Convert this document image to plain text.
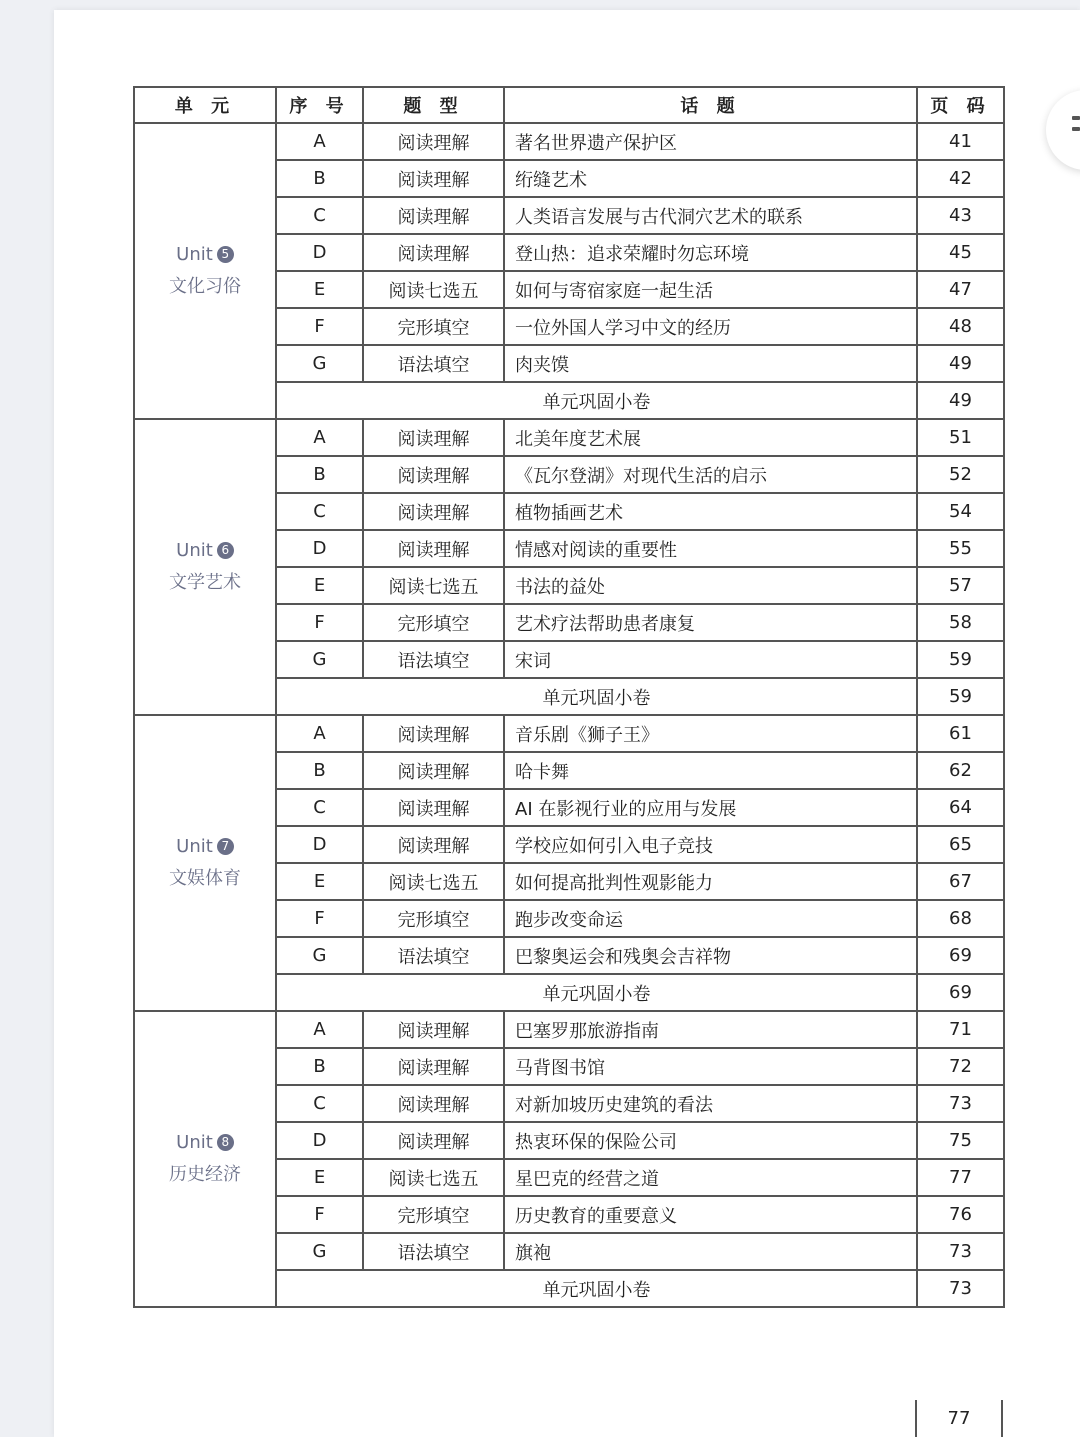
单 元	序 号	题 型	话 题	页 码

Unit 5
文化习俗	A	阅读理解	著名世界遗产保护区	41
	B	阅读理解	绗缝艺术	42
	C	阅读理解	人类语言发展与古代洞穴艺术的联系	43
	D	阅读理解	登山热：追求荣耀时勿忘环境	45
	E	阅读七选五	如何与寄宿家庭一起生活	47
	F	完形填空	一位外国人学习中文的经历	48
	G	语法填空	肉夹馍	49
	单元巩固小卷			49

Unit 6
文学艺术	A	阅读理解	北美年度艺术展	51
	B	阅读理解	《瓦尔登湖》对现代生活的启示	52
	C	阅读理解	植物插画艺术	54
	D	阅读理解	情感对阅读的重要性	55
	E	阅读七选五	书法的益处	57
	F	完形填空	艺术疗法帮助患者康复	58
	G	语法填空	宋词	59
	单元巩固小卷			59

Unit 7
文娱体育	A	阅读理解	音乐剧《狮子王》	61
	B	阅读理解	哈卡舞	62
	C	阅读理解	AI 在影视行业的应用与发展	64
	D	阅读理解	学校应如何引入电子竞技	65
	E	阅读七选五	如何提高批判性观影能力	67
	F	完形填空	跑步改变命运	68
	G	语法填空	巴黎奥运会和残奥会吉祥物	69
	单元巩固小卷			69

Unit 8
历史经济	A	阅读理解	巴塞罗那旅游指南	71
	B	阅读理解	马背图书馆	72
	C	阅读理解	对新加坡历史建筑的看法	73
	D	阅读理解	热衷环保的保险公司	75
	E	阅读七选五	星巴克的经营之道	77
	F	完形填空	历史教育的重要意义	76
	G	语法填空	旗袍	73
	单元巩固小卷			73
77
